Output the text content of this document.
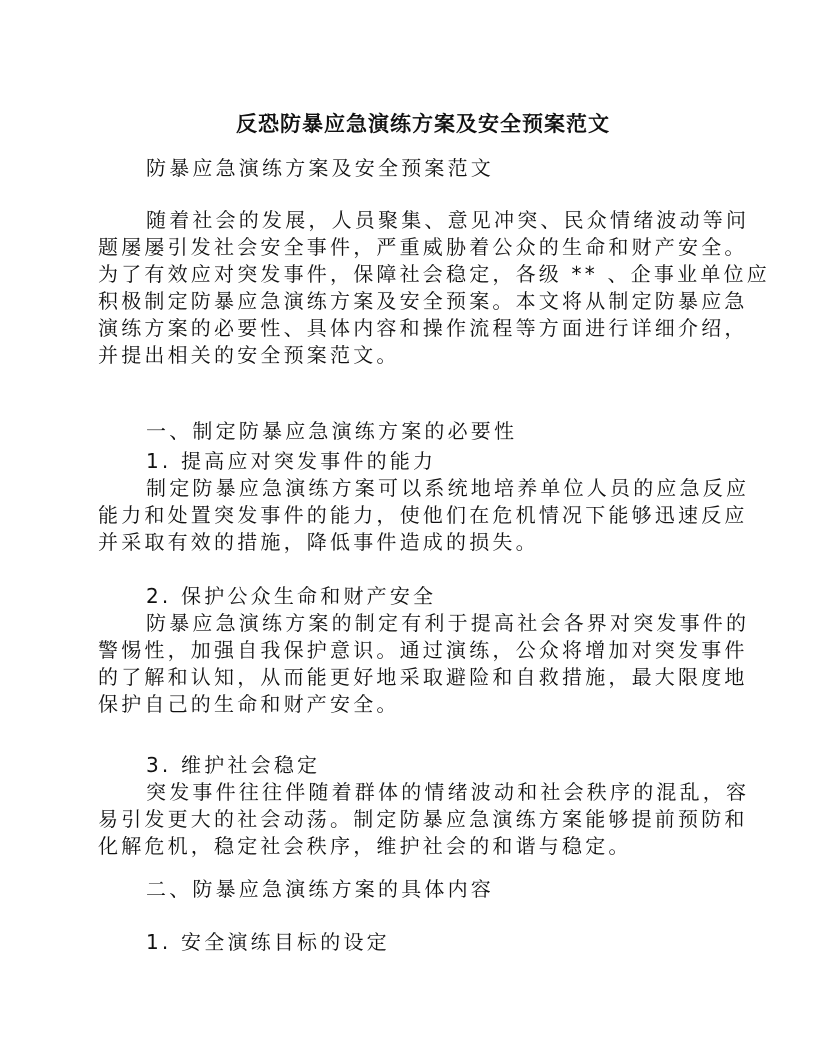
反恐防暴应急演练方案及安全预案范文
防暴应急演练方案及安全预案范文
随着社会的发展，人员聚集、意见冲突、民众情绪波动等问
题屡屡引发社会安全事件，严重威胁着公众的生命和财产安全。
为了有效应对突发事件，保障社会稳定，各级 ** 、企事业单位应
积极制定防暴应急演练方案及安全预案。本文将从制定防暴应急
演练方案的必要性、具体内容和操作流程等方面进行详细介绍，
并提出相关的安全预案范文。
一、制定防暴应急演练方案的必要性
1. 提高应对突发事件的能力
制定防暴应急演练方案可以系统地培养单位人员的应急反应
能力和处置突发事件的能力，使他们在危机情况下能够迅速反应
并采取有效的措施，降低事件造成的损失。
2. 保护公众生命和财产安全
防暴应急演练方案的制定有利于提高社会各界对突发事件的
警惕性，加强自我保护意识。通过演练，公众将增加对突发事件
的了解和认知，从而能更好地采取避险和自救措施，最大限度地
保护自己的生命和财产安全。
3. 维护社会稳定
突发事件往往伴随着群体的情绪波动和社会秩序的混乱，容
易引发更大的社会动荡。制定防暴应急演练方案能够提前预防和
化解危机，稳定社会秩序，维护社会的和谐与稳定。
二、防暴应急演练方案的具体内容
1. 安全演练目标的设定
